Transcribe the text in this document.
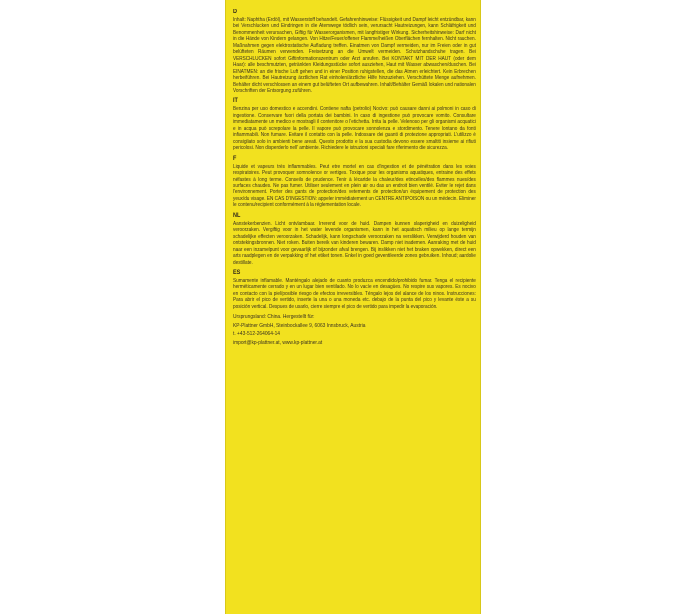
D
Inhalt: Naphtha (Erdöl), mit Wasserstoff behandelt. Gefahrenhinweise: Flüssigkeit und Dampf leicht entzündbar, kann bei Verschlucken und Eindringen in die Atemwege tödlich sein, verursacht Hautreizungen, kann Schläfrigkeit und Benommenheit verursachen, Giftig für Wasserorganismen, mit langfristiger Wirkung. Sicherheitshinweise: Darf nicht in die Hände von Kindern gelangen. Von Hitze/Feuer/offener Flamme/heißen Oberflächen fernhalten. Nicht rauchen. Maßnahmen gegen elektrostatische Aufladung treffen. Einatmen von Dampf vermeiden, nur im Freien oder in gut belüfteten Räumen verwenden. Freisetzung an die Umwelt vermeiden. Schutzhandschuhe tragen. Bei VERSCHLUCKEN sofort Giftinformationszentrum oder Arzt anrufen. Bei KONTAKT MIT DER HAUT (oder dem Haar): alle beschmutzten, getränkten Kleidungsstücke sofort ausziehen, Haut mit Wasser abwaschen/duschen. Bei EINATMEN: an die frische Luft gehen und in einer Position ruhigstellen, die das Atmen erleichtert. Kein Erbrechen herbeiführen. Bei Hautreizung ärztlichen Rat einholen/ärztliche Hilfe hinzuziehen. Verschüttete Menge aufnehmen. Behälter dicht verschlossen an einem gut belüfteten Ort aufbewahren. Inhalt/Behälter Gemäß lokalen und nationalen Vorschriften der Entsorgung zuführen.
IT
Benzina per uso domestico e accendini. Contiene nafta (petrolio) Nocivo: può causare danni ai polmoni in caso di ingestione. Conservare fuori della portata dei bambini. In caso di ingestione può provocare vomito. Consultare immediatamente un medico e mostragli il contenitore o l'etichetta. Irrita la pelle. Velenoso per gli organismi acquatici e in acqua può screpolare la pelle. Il vapore può provocare sonnolenza e stordimento. Tenere lontano da fonti infiammabili. Non fumare. Evitare il contatto con la pelle. Indossare dei guanti di protezione appropriati. L'utilizzo è consigliato solo in ambienti bene areati. Questo prodotto e la sua custodia devono essere smaltiti insieme ai rifiuti pericolosi. Non disperderlo nell' ambiente. Richiedere le istruzioni speciali fare riferimento die sicurezza.
F
Liquide et vapeurs très inflammables. Peut etre mortel en cas d'ingestion et de pénétration dans les voies respiratoires. Peut provoquer somnolence or vertiges. Toxique pour les organisms aquatiques, entraine des effets néfastes à long terme. Conseils de prudence. Tenir à lécartde la chaleur/des etincelles/des flammes nues/des surfaces chaudes. Ne pas fumer. Utiliser seulement en plein air ou das un endroit bien ventilé. Eviter le rejet dans l'environnement. Porter des gants de protection/des vetements de protection/un équipement de protection des yeux/du visage. EN CAS D'INGESTION: appeler immédiatement un CENTRE ANTIPOISON ou un médecin. Eliminer le contenu/recipient conformément à la réglementation locale.
NL
Aanstekerbenzien. Licht ontvlambaar. Irrerend voor de huid. Dampen kunnen slaperigheid en duizeligheid veroorzaken. Vergiftig voor in het water levende organismen, kann in het aquatisch milieu op lange termijn schadelijke effecten veroorzaken. Schadelijk, kann longschade veroorzaken na verslikken. Verwijderd houden van ontstekingsbronnen. Niet roken. Buiten bereik van kinderen bewaren. Damp niet inademen. Aanraking met de huid naar een inzamelpunt voor gevaarlijk of bijzonder afval brengen. Bij inslikken niet het braken opwekken, direct een arts raadplegen en de verpakking of het etiket tonen. Enkel in goed geventileerde zones gebruiken. Inhoud; aardolie destillate.
ES
Sumamente inflamable. Manténgalo alejado de cuanto produzca encendido/prohibido fumar. Tenga el recipiente herméticamente cerrado y en un lugar bien ventilado. No lo vacíe en desagües. No respire sus vapores. Es nocivo en contacto con la piel/posible riesgo de efectos irreversibles. Téngalo lejos del alance de los ninos. Instrucciones: Para abrir el pico de vertido, inserte la una o una moneda etc. debajo de la punta del pico y levante éste a su posición vertical. Despues de usarlo, cierre siempre el pico de vertido para impedir la evaporación.
Ursprungsland: China. Hergestellt für:
KP-Plattner GmbH, Steinbockallee 9, 6063 Innsbruck, Austria
t. +43-512-264064-14
import@kp-plattner.at, www.kp-plattner.at
